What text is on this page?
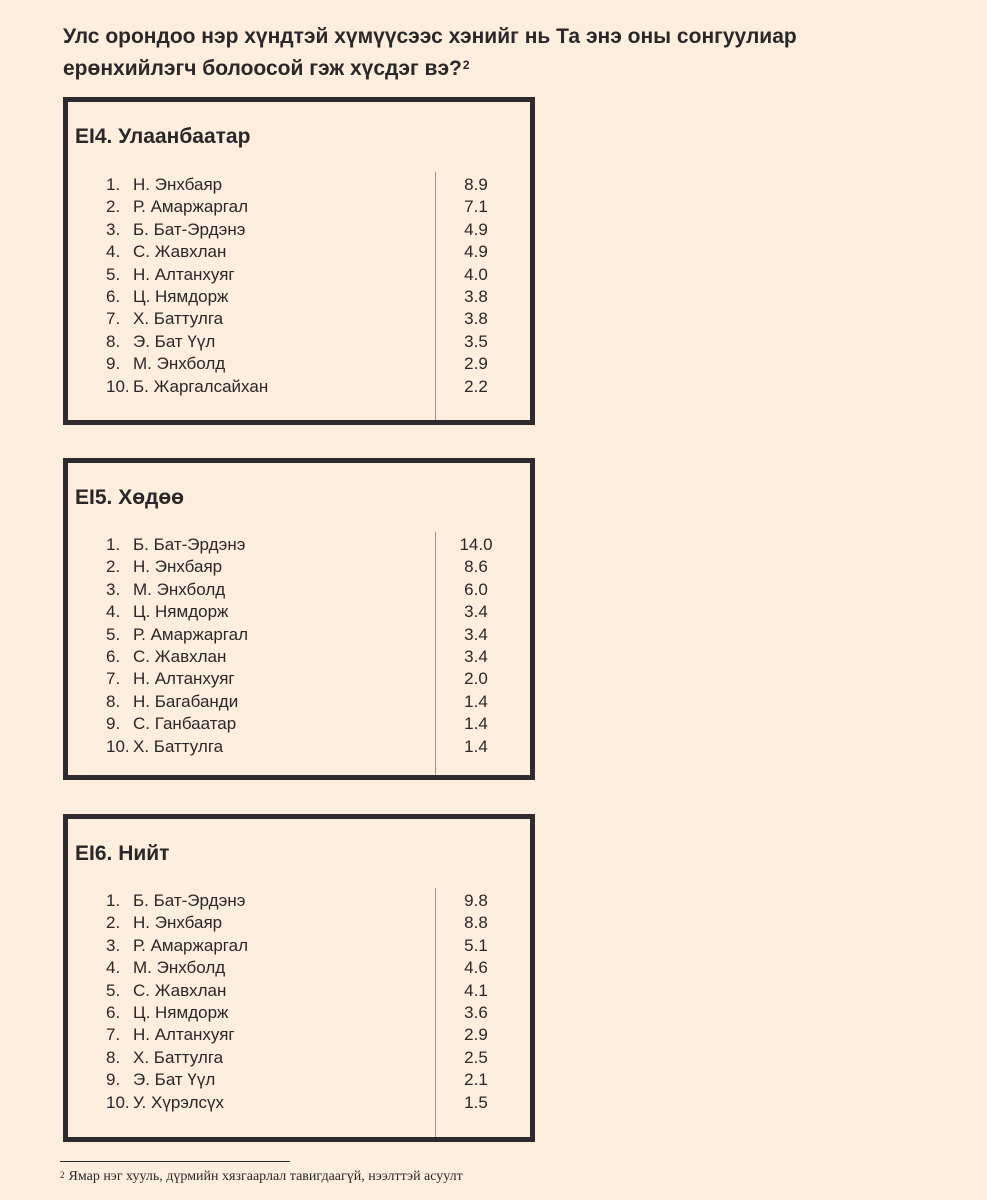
Улс орондоо нэр хүндтэй хүмүүсээс хэнийг нь Та энэ оны сонгуулиар
ерөнхийлэгч болоосой гэж хүсдэг вэ?$^2$
EI4. Улаанбаатар
1. Н. Энхбаяр	8.9
2. Р. Амаржаргал	7.1
3. Б. Бат-Эрдэнэ	4.9
4. С. Жавхлан	4.9
5. Н. Алтанхуяг	4.0
6. Ц. Нямдорж	3.8
7. Х. Баттулга	3.8
8. Э. Бат Үүл	3.5
9. М. Энхболд	2.9
10. Б. Жаргалсайхан	2.2
EI5. Хөдөө
1. Б. Бат-Эрдэнэ	14.0
2. Н. Энхбаяр	8.6
3. М. Энхболд	6.0
4. Ц. Нямдорж	3.4
5. Р. Амаржаргал	3.4
6. С. Жавхлан	3.4
7. Н. Алтанхуяг	2.0
8. Н. Багабанди	1.4
9. С. Ганбаатар	1.4
10. Х. Баттулга	1.4
EI6. Нийт
1. Б. Бат-Эрдэнэ	9.8
2. Н. Энхбаяр	8.8
3. Р. Амаржаргал	5.1
4. М. Энхболд	4.6
5. С. Жавхлан	4.1
6. Ц. Нямдорж	3.6
7. Н. Алтанхуяг	2.9
8. Х. Баттулга	2.5
9. Э. Бат Үүл	2.1
10. У. Хүрэлсүх	1.5

$^2$ Ямар нэг хууль, дүрмийн хязгаарлал тавигдаагүй, нээлттэй асуулт
